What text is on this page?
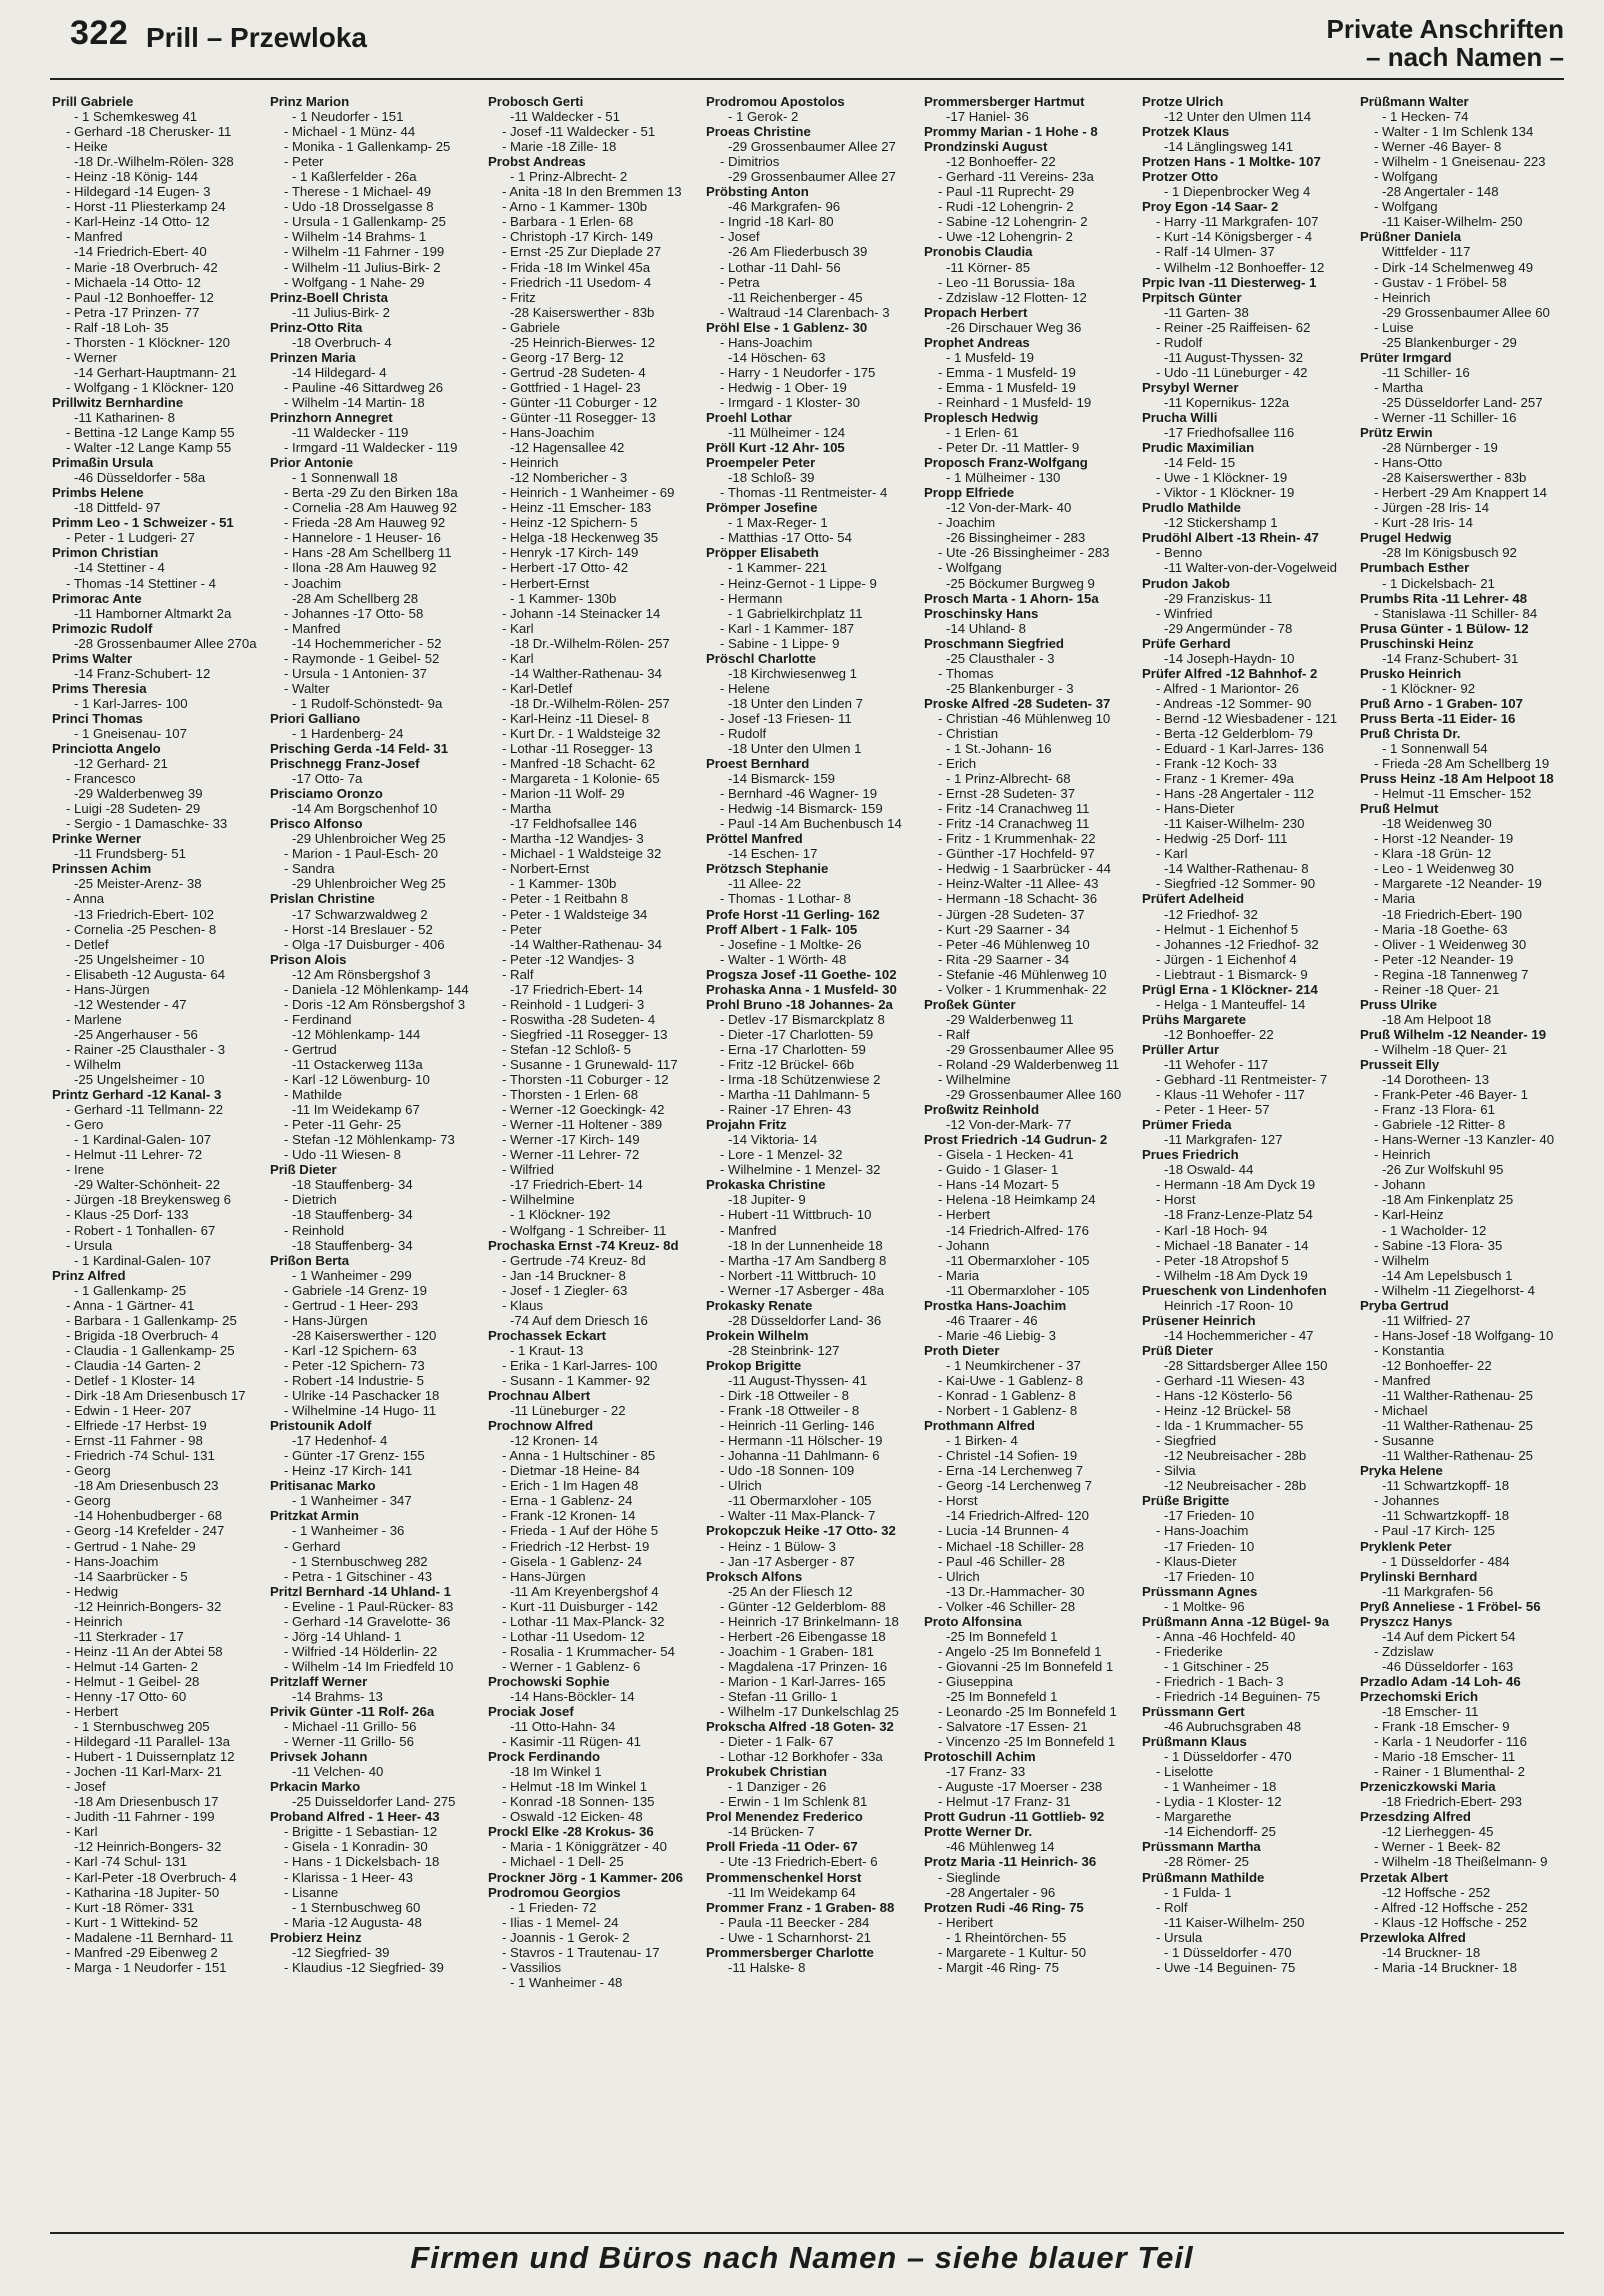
322 Prill – Przewloka	Private Anschriften
– nach Namen –
Prill Gabriele
- 1 Schemkesweg 41
- Gerhard -18 Cherusker- 11
- Heike
-18 Dr.-Wilhelm-Rölen- 328
- Heinz -18 König- 144
- Hildegard -14 Eugen- 3
- Horst -11 Pliesterkamp 24
- Karl-Heinz -14 Otto- 12
- Manfred
-14 Friedrich-Ebert- 40
- Marie -18 Overbruch- 42
- Michaela -14 Otto- 12
- Paul -12 Bonhoeffer- 12
- Petra -17 Prinzen- 77
- Ralf -18 Loh- 35
- Thorsten - 1 Klöckner- 120
- Werner
-14 Gerhart-Hauptmann- 21
- Wolfgang - 1 Klöckner- 120
Prillwitz Bernhardine
-11 Katharinen- 8
- Bettina -12 Lange Kamp 55
- Walter -12 Lange Kamp 55
Primaßin Ursula
-46 Düsseldorfer - 58a
Primbs Helene
-18 Dittfeld- 97
Primm Leo - 1 Schweizer - 51
- Peter - 1 Ludgeri- 27
Primon Christian
-14 Stettiner - 4
- Thomas -14 Stettiner - 4
Primorac Ante
-11 Hamborner Altmarkt 2a
Primozic Rudolf
-28 Grossenbaumer Allee 270a
Prims Walter
-14 Franz-Schubert- 12
Prims Theresia
- 1 Karl-Jarres- 100
Princi Thomas
- 1 Gneisenau- 107
Princiotta Angelo
-12 Gerhard- 21
- Francesco
-29 Walderbenweg 39
- Luigi -28 Sudeten- 29
- Sergio - 1 Damaschke- 33
Prinke Werner
-11 Frundsberg- 51
Prinssen Achim
-25 Meister-Arenz- 38
- Anna
-13 Friedrich-Ebert- 102
- Cornelia -25 Peschen- 8
- Detlef
-25 Ungelsheimer - 10
- Elisabeth -12 Augusta- 64
- Hans-Jürgen
-12 Westender - 47
- Marlene
-25 Angerhauser - 56
- Rainer -25 Clausthaler - 3
- Wilhelm
-25 Ungelsheimer - 10
Printz Gerhard -12 Kanal- 3
- Gerhard -11 Tellmann- 22
- Gero
- 1 Kardinal-Galen- 107
- Helmut -11 Lehrer- 72
- Irene
-29 Walter-Schönheit- 22
- Jürgen -18 Breykensweg 6
- Klaus -25 Dorf- 133
- Robert - 1 Tonhallen- 67
- Ursula
- 1 Kardinal-Galen- 107
Prinz Alfred
- 1 Gallenkamp- 25
- Anna - 1 Gärtner- 41
- Barbara - 1 Gallenkamp- 25
- Brigida -18 Overbruch- 4
- Claudia - 1 Gallenkamp- 25
- Claudia -14 Garten- 2
- Detlef - 1 Kloster- 14
- Dirk -18 Am Driesenbusch 17
- Edwin - 1 Heer- 207
- Elfriede -17 Herbst- 19
- Ernst -11 Fahrner - 98
- Friedrich -74 Schul- 131
- Georg
-18 Am Driesenbusch 23
- Georg
-14 Hohenbudberger - 68
- Georg -14 Krefelder - 247
- Gertrud - 1 Nahe- 29
- Hans-Joachim
-14 Saarbrücker - 5
- Hedwig
-12 Heinrich-Bongers- 32
- Heinrich
-11 Sterkrader - 17
- Heinz -11 An der Abtei 58
- Helmut -14 Garten- 2
- Helmut - 1 Geibel- 28
- Henny -17 Otto- 60
- Herbert
- 1 Sternbuschweg 205
- Hildegard -11 Parallel- 13a
- Hubert - 1 Duissernplatz 12
- Jochen -11 Karl-Marx- 21
- Josef
-18 Am Driesenbusch 17
- Judith -11 Fahrner - 199
- Karl
-12 Heinrich-Bongers- 32
- Karl -74 Schul- 131
- Karl-Peter -18 Overbruch- 4
- Katharina -18 Jupiter- 50
- Kurt -18 Römer- 331
- Kurt - 1 Wittekind- 52
- Madalene -11 Bernhard- 11
- Manfred -29 Eibenweg 2
- Marga - 1 Neudorfer - 151
Prinz Marion
- 1 Neudorfer - 151
- Michael - 1 Münz- 44
- Monika - 1 Gallenkamp- 25
- Peter
- 1 Kaßlerfelder - 26a
- Therese - 1 Michael- 49
- Udo -18 Drosselgasse 8
- Ursula - 1 Gallenkamp- 25
- Wilhelm -14 Brahms- 1
- Wilhelm -11 Fahrner - 199
- Wilhelm -11 Julius-Birk- 2
- Wolfgang - 1 Nahe- 29
Prinz-Boell Christa
-11 Julius-Birk- 2
Prinz-Otto Rita
-18 Overbruch- 4
Prinzen Maria
-14 Hildegard- 4
- Pauline -46 Sittardweg 26
- Wilhelm -14 Martin- 18
Prinzhorn Annegret
-11 Waldecker - 119
- Irmgard -11 Waldecker - 119
Prior Antonie
- 1 Sonnenwall 18
- Berta -29 Zu den Birken 18a
- Cornelia -28 Am Hauweg 92
- Frieda -28 Am Hauweg 92
- Hannelore - 1 Heuser- 16
- Hans -28 Am Schellberg 11
- Ilona -28 Am Hauweg 92
- Joachim
-28 Am Schellberg 28
- Johannes -17 Otto- 58
- Manfred
-14 Hochemmericher - 52
- Raymonde - 1 Geibel- 52
- Ursula - 1 Antonien- 37
- Walter
- 1 Rudolf-Schönstedt- 9a
Priori Galliano
- 1 Hardenberg- 24
Prisching Gerda -14 Feld- 31
Prischnegg Franz-Josef
-17 Otto- 7a
Prisciamo Oronzo
-14 Am Borgschenhof 10
Prisco Alfonso
-29 Uhlenbroicher Weg 25
- Marion - 1 Paul-Esch- 20
- Sandra
-29 Uhlenbroicher Weg 25
Prislan Christine
-17 Schwarzwaldweg 2
- Horst -14 Breslauer - 52
- Olga -17 Duisburger - 406
Prison Alois
-12 Am Rönsbergshof 3
- Daniela -12 Möhlenkamp- 144
- Doris -12 Am Rönsbergshof 3
- Ferdinand
-12 Möhlenkamp- 144
- Gertrud
-11 Ostackerweg 113a
- Karl -12 Löwenburg- 10
- Mathilde
-11 Im Weidekamp 67
- Peter -11 Gehr- 25
- Stefan -12 Möhlenkamp- 73
- Udo -11 Wiesen- 8
Priß Dieter
-18 Stauffenberg- 34
- Dietrich
-18 Stauffenberg- 34
- Reinhold
-18 Stauffenberg- 34
Prißon Berta
- 1 Wanheimer - 299
- Gabriele -14 Grenz- 19
- Gertrud - 1 Heer- 293
- Hans-Jürgen
-28 Kaiserswerther - 120
- Karl -12 Spichern- 63
- Peter -12 Spichern- 73
- Robert -14 Industrie- 5
- Ulrike -14 Paschacker 18
- Wilhelmine -14 Hugo- 11
Pristounik Adolf
-17 Hedenhof- 4
- Günter -17 Grenz- 155
- Heinz -17 Kirch- 141
Pritisanac Marko
- 1 Wanheimer - 347
Pritzkat Armin
- 1 Wanheimer - 36
- Gerhard
- 1 Sternbuschweg 282
- Petra - 1 Gitschiner - 43
Pritzl Bernhard -14 Uhland- 1
- Eveline - 1 Paul-Rücker- 83
- Gerhard -14 Gravelotte- 36
- Jörg -14 Uhland- 1
- Wilfried -14 Hölderlin- 22
- Wilhelm -14 Im Friedfeld 10
Pritzlaff Werner
-14 Brahms- 13
Privik Günter -11 Rolf- 26a
- Michael -11 Grillo- 56
- Werner -11 Grillo- 56
Privsek Johann
-11 Velchen- 40
Prkacin Marko
-25 Duisseldorfer Land- 275
Proband Alfred - 1 Heer- 43
- Brigitte - 1 Sebastian- 12
- Gisela - 1 Konradin- 30
- Hans - 1 Dickelsbach- 18
- Klarissa - 1 Heer- 43
- Lisanne
- 1 Sternbuschweg 60
- Maria -12 Augusta- 48
Probierz Heinz
-12 Siegfried- 39
- Klaudius -12 Siegfried- 39
Probosch Gerti
-11 Waldecker - 51
- Josef -11 Waldecker - 51
- Marie -18 Zille- 18
Probst Andreas
- 1 Prinz-Albrecht- 2
- Anita -18 In den Bremmen 13
- Arno - 1 Kammer- 130b
- Barbara - 1 Erlen- 68
- Christoph -17 Kirch- 149
- Ernst -25 Zur Dieplade 27
- Frida -18 Im Winkel 45a
- Friedrich -11 Usedom- 4
- Fritz
-28 Kaiserswerther - 83b
- Gabriele
-25 Heinrich-Bierwes- 12
- Georg -17 Berg- 12
- Gertrud -28 Sudeten- 4
- Gottfried - 1 Hagel- 23
- Günter -11 Coburger - 12
- Günter -11 Rosegger- 13
- Hans-Joachim
-12 Hagensallee 42
- Heinrich
-12 Nombericher - 3
- Heinrich - 1 Wanheimer - 69
- Heinz -11 Emscher- 183
- Heinz -12 Spichern- 5
- Helga -18 Heckenweg 35
- Henryk -17 Kirch- 149
- Herbert -17 Otto- 42
- Herbert-Ernst
- 1 Kammer- 130b
- Johann -14 Steinacker 14
- Karl
-18 Dr.-Wilhelm-Rölen- 257
- Karl
-14 Walther-Rathenau- 34
- Karl-Detlef
-18 Dr.-Wilhelm-Rölen- 257
- Karl-Heinz -11 Diesel- 8
- Kurt Dr. - 1 Waldsteige 32
- Lothar -11 Rosegger- 13
- Manfred -18 Schacht- 62
- Margareta - 1 Kolonie- 65
- Marion -11 Wolf- 29
- Martha
-17 Feldhofsallee 146
- Martha -12 Wandjes- 3
- Michael - 1 Waldsteige 32
- Norbert-Ernst
- 1 Kammer- 130b
- Peter - 1 Reitbahn 8
- Peter - 1 Waldsteige 34
- Peter
-14 Walther-Rathenau- 34
- Peter -12 Wandjes- 3
- Ralf
-17 Friedrich-Ebert- 14
- Reinhold - 1 Ludgeri- 3
- Roswitha -28 Sudeten- 4
- Siegfried -11 Rosegger- 13
- Stefan -12 Schloß- 5
- Susanne - 1 Grunewald- 117
- Thorsten -11 Coburger - 12
- Thorsten - 1 Erlen- 68
- Werner -12 Goeckingk- 42
- Werner -11 Holtener - 389
- Werner -17 Kirch- 149
- Werner -11 Lehrer- 72
- Wilfried
-17 Friedrich-Ebert- 14
- Wilhelmine
- 1 Klöckner- 192
- Wolfgang - 1 Schreiber- 11
Prochaska Ernst -74 Kreuz- 8d
- Gertrude -74 Kreuz- 8d
- Jan -14 Bruckner- 8
- Josef - 1 Ziegler- 63
- Klaus
-74 Auf dem Driesch 16
Prochassek Eckart
- 1 Kraut- 13
- Erika - 1 Karl-Jarres- 100
- Susann - 1 Kammer- 92
Prochnau Albert
-11 Lüneburger - 22
Prochnow Alfred
-12 Kronen- 14
- Anna - 1 Hultschiner - 85
- Dietmar -18 Heine- 84
- Erich - 1 Im Hagen 48
- Erna - 1 Gablenz- 24
- Frank -12 Kronen- 14
- Frieda - 1 Auf der Höhe 5
- Friedrich -12 Herbst- 19
- Gisela - 1 Gablenz- 24
- Hans-Jürgen
-11 Am Kreyenbergshof 4
- Kurt -11 Duisburger - 142
- Lothar -11 Max-Planck- 32
- Lothar -11 Usedom- 12
- Rosalia - 1 Krummacher- 54
- Werner - 1 Gablenz- 6
Prochowski Sophie
-14 Hans-Böckler- 14
Prociak Josef
-11 Otto-Hahn- 34
- Kasimir -11 Rügen- 41
Prock Ferdinando
-18 Im Winkel 1
- Helmut -18 Im Winkel 1
- Konrad -18 Sonnen- 135
- Oswald -12 Eicken- 48
Prockl Elke -28 Krokus- 36
- Maria - 1 Königgrätzer - 40
- Michael - 1 Dell- 25
Prockner Jörg - 1 Kammer- 206
Prodromou Georgios
- 1 Frieden- 72
- Ilias - 1 Memel- 24
- Joannis - 1 Gerok- 2
- Stavros - 1 Trautenau- 17
- Vassilios
- 1 Wanheimer - 48
Prodromou Apostolos
- 1 Gerok- 2
Proeas Christine
-29 Grossenbaumer Allee 27
- Dimitrios
-29 Grossenbaumer Allee 27
Pröbsting Anton
-46 Markgrafen- 96
- Ingrid -18 Karl- 80
- Josef
-26 Am Fliederbusch 39
- Lothar -11 Dahl- 56
- Petra
-11 Reichenberger - 45
- Waltraud -14 Clarenbach- 3
Pröhl Else - 1 Gablenz- 30
- Hans-Joachim
-14 Höschen- 63
- Harry - 1 Neudorfer - 175
- Hedwig - 1 Ober- 19
- Irmgard - 1 Kloster- 30
Proehl Lothar
-11 Mülheimer - 124
Pröll Kurt -12 Ahr- 105
Proempeler Peter
-18 Schloß- 39
- Thomas -11 Rentmeister- 4
Prömper Josefine
- 1 Max-Reger- 1
- Matthias -17 Otto- 54
Pröpper Elisabeth
- 1 Kammer- 221
- Heinz-Gernot - 1 Lippe- 9
- Hermann
- 1 Gabrielkirchplatz 11
- Karl - 1 Kammer- 187
- Sabine - 1 Lippe- 9
Pröschl Charlotte
-18 Kirchwiesenweg 1
- Helene
-18 Unter den Linden 7
- Josef -13 Friesen- 11
- Rudolf
-18 Unter den Ulmen 1
Proest Bernhard
-14 Bismarck- 159
- Bernhard -46 Wagner- 19
- Hedwig -14 Bismarck- 159
- Paul -14 Am Buchenbusch 14
Pröttel Manfred
-14 Eschen- 17
Prötzsch Stephanie
-11 Allee- 22
- Thomas - 1 Lothar- 8
Profe Horst -11 Gerling- 162
Proff Albert - 1 Falk- 105
- Josefine - 1 Moltke- 26
- Walter - 1 Wörth- 48
Progsza Josef -11 Goethe- 102
Prohaska Anna - 1 Musfeld- 30
Prohl Bruno -18 Johannes- 2a
- Detlev -17 Bismarckplatz 8
- Dieter -17 Charlotten- 59
- Erna -17 Charlotten- 59
- Fritz -12 Brückel- 66b
- Irma -18 Schützenwiese 2
- Martha -11 Dahlmann- 5
- Rainer -17 Ehren- 43
Projahn Fritz
-14 Viktoria- 14
- Lore - 1 Menzel- 32
- Wilhelmine - 1 Menzel- 32
Prokaska Christine
-18 Jupiter- 9
- Hubert -11 Wittbruch- 10
- Manfred
-18 In der Lunnenheide 18
- Martha -17 Am Sandberg 8
- Norbert -11 Wittbruch- 10
- Werner -17 Asberger - 48a
Prokasky Renate
-28 Düsseldorfer Land- 36
Prokein Wilhelm
-28 Steinbrink- 127
Prokop Brigitte
-11 August-Thyssen- 41
- Dirk -18 Ottweiler - 8
- Frank -18 Ottweiler - 8
- Heinrich -11 Gerling- 146
- Hermann -11 Hölscher- 19
- Johanna -11 Dahlmann- 6
- Udo -18 Sonnen- 109
- Ulrich
-11 Obermarxloher - 105
- Walter -11 Max-Planck- 7
Prokopczuk Heike -17 Otto- 32
- Heinz - 1 Bülow- 3
- Jan -17 Asberger - 87
Proksch Alfons
-25 An der Fliesch 12
- Günter -12 Gelderblom- 88
- Heinrich -17 Brinkelmann- 18
- Herbert -26 Eibengasse 18
- Joachim - 1 Graben- 181
- Magdalena -17 Prinzen- 16
- Marion - 1 Karl-Jarres- 165
- Stefan -11 Grillo- 1
- Wilhelm -17 Dunkelschlag 25
Prokscha Alfred -18 Goten- 32
- Dieter - 1 Falk- 67
- Lothar -12 Borkhofer - 33a
Prokubek Christian
- 1 Danziger - 26
- Erwin - 1 Im Schlenk 81
Prol Menendez Frederico
-14 Brücken- 7
Proll Frieda -11 Oder- 67
- Ute -13 Friedrich-Ebert- 6
Prommenschenkel Horst
-11 Im Weidekamp 64
Prommer Franz - 1 Graben- 88
- Paula -11 Beecker - 284
- Uwe - 1 Scharnhorst- 21
Prommersberger Charlotte
-11 Halske- 8
Prommersberger Hartmut
-17 Haniel- 36
Prommy Marian - 1 Hohe - 8
Prondzinski August
-12 Bonhoeffer- 22
- Gerhard -11 Vereins- 23a
- Paul -11 Ruprecht- 29
- Rudi -12 Lohengrin- 2
- Sabine -12 Lohengrin- 2
- Uwe -12 Lohengrin- 2
Pronobis Claudia
-11 Körner- 85
- Leo -11 Borussia- 18a
- Zdzislaw -12 Flotten- 12
Propach Herbert
-26 Dirschauer Weg 36
Prophet Andreas
- 1 Musfeld- 19
- Emma - 1 Musfeld- 19
- Emma - 1 Musfeld- 19
- Reinhard - 1 Musfeld- 19
Proplesch Hedwig
- 1 Erlen- 61
- Peter Dr. -11 Mattler- 9
Proposch Franz-Wolfgang
- 1 Mülheimer - 130
Propp Elfriede
-12 Von-der-Mark- 40
- Joachim
-26 Bissingheimer - 283
- Ute -26 Bissingheimer - 283
- Wolfgang
-25 Böckumer Burgweg 9
Prosch Marta - 1 Ahorn- 15a
Proschinsky Hans
-14 Uhland- 8
Proschmann Siegfried
-25 Clausthaler - 3
- Thomas
-25 Blankenburger - 3
Proske Alfred -28 Sudeten- 37
- Christian -46 Mühlenweg 10
- Christian
- 1 St.-Johann- 16
- Erich
- 1 Prinz-Albrecht- 68
- Ernst -28 Sudeten- 37
- Fritz -14 Cranachweg 11
- Fritz -14 Cranachweg 11
- Fritz - 1 Krummenhak- 22
- Günther -17 Hochfeld- 97
- Hedwig - 1 Saarbrücker - 44
- Heinz-Walter -11 Allee- 43
- Hermann -18 Schacht- 36
- Jürgen -28 Sudeten- 37
- Kurt -29 Saarner - 34
- Peter -46 Mühlenweg 10
- Rita -29 Saarner - 34
- Stefanie -46 Mühlenweg 10
- Volker - 1 Krummenhak- 22
Proßek Günter
-29 Walderbenweg 11
- Ralf
-29 Grossenbaumer Allee 95
- Roland -29 Walderbenweg 11
- Wilhelmine
-29 Grossenbaumer Allee 160
Proßwitz Reinhold
-12 Von-der-Mark- 77
Prost Friedrich -14 Gudrun- 2
- Gisela - 1 Hecken- 41
- Guido - 1 Glaser- 1
- Hans -14 Mozart- 5
- Helena -18 Heimkamp 24
- Herbert
-14 Friedrich-Alfred- 176
- Johann
-11 Obermarxloher - 105
- Maria
-11 Obermarxloher - 105
Prostka Hans-Joachim
-46 Traarer - 46
- Marie -46 Liebig- 3
Proth Dieter
- 1 Neumkirchener - 37
- Kai-Uwe - 1 Gablenz- 8
- Konrad - 1 Gablenz- 8
- Norbert - 1 Gablenz- 8
Prothmann Alfred
- 1 Birken- 4
- Christel -14 Sofien- 19
- Erna -14 Lerchenweg 7
- Georg -14 Lerchenweg 7
- Horst
-14 Friedrich-Alfred- 120
- Lucia -14 Brunnen- 4
- Michael -18 Schiller- 28
- Paul -46 Schiller- 28
- Ulrich
-13 Dr.-Hammacher- 30
- Volker -46 Schiller- 28
Proto Alfonsina
-25 Im Bonnefeld 1
- Angelo -25 Im Bonnefeld 1
- Giovanni -25 Im Bonnefeld 1
- Giuseppina
-25 Im Bonnefeld 1
- Leonardo -25 Im Bonnefeld 1
- Salvatore -17 Essen- 21
- Vincenzo -25 Im Bonnefeld 1
Protoschill Achim
-17 Franz- 33
- Auguste -17 Moerser - 238
- Helmut -17 Franz- 31
Prott Gudrun -11 Gottlieb- 92
Protte Werner Dr.
-46 Mühlenweg 14
Protz Maria -11 Heinrich- 36
- Sieglinde
-28 Angertaler - 96
Protzen Rudi -46 Ring- 75
- Heribert
- 1 Rheintörchen- 55
- Margarete - 1 Kultur- 50
- Margit -46 Ring- 75
Protze Ulrich
-12 Unter den Ulmen 114
Protzek Klaus
-14 Länglingsweg 141
Protzen Hans - 1 Moltke- 107
Protzer Otto
- 1 Diepenbrocker Weg 4
Proy Egon -14 Saar- 2
- Harry -11 Markgrafen- 107
- Kurt -14 Königsberger - 4
- Ralf -14 Ulmen- 37
- Wilhelm -12 Bonhoeffer- 12
Prpic Ivan -11 Diesterweg- 1
Prpitsch Günter
-11 Garten- 38
- Reiner -25 Raiffeisen- 62
- Rudolf
-11 August-Thyssen- 32
- Udo -11 Lüneburger - 42
Prsybyl Werner
-11 Kopernikus- 122a
Prucha Willi
-17 Friedhofsallee 116
Prudic Maximilian
-14 Feld- 15
- Uwe - 1 Klöckner- 19
- Viktor - 1 Klöckner- 19
Prudlo Mathilde
-12 Stickershamp 1
Prudöhl Albert -13 Rhein- 47
- Benno
-11 Walter-von-der-Vogelweid
Prudon Jakob
-29 Franziskus- 11
- Winfried
-29 Angermünder - 78
Prüfe Gerhard
-14 Joseph-Haydn- 10
Prüfer Alfred -12 Bahnhof- 2
- Alfred - 1 Mariontor- 26
- Andreas -12 Sommer- 90
- Bernd -12 Wiesbadener - 121
- Berta -12 Gelderblom- 79
- Eduard - 1 Karl-Jarres- 136
- Frank -12 Koch- 33
- Franz - 1 Kremer- 49a
- Hans -28 Angertaler - 112
- Hans-Dieter
-11 Kaiser-Wilhelm- 230
- Hedwig -25 Dorf- 111
- Karl
-14 Walther-Rathenau- 8
- Siegfried -12 Sommer- 90
Prüfert Adelheid
-12 Friedhof- 32
- Helmut - 1 Eichenhof 5
- Johannes -12 Friedhof- 32
- Jürgen - 1 Eichenhof 4
- Liebtraut - 1 Bismarck- 9
Prügl Erna - 1 Klöckner- 214
- Helga - 1 Manteuffel- 14
Prühs Margarete
-12 Bonhoeffer- 22
Prüller Artur
-11 Wehofer - 117
- Gebhard -11 Rentmeister- 7
- Klaus -11 Wehofer - 117
- Peter - 1 Heer- 57
Prümer Frieda
-11 Markgrafen- 127
Prues Friedrich
-18 Oswald- 44
- Hermann -18 Am Dyck 19
- Horst
-18 Franz-Lenze-Platz 54
- Karl -18 Hoch- 94
- Michael -18 Banater - 14
- Peter -18 Atropshof 5
- Wilhelm -18 Am Dyck 19
Prueschenk von Lindenhofen
Heinrich -17 Roon- 10
Prüsener Heinrich
-14 Hochemmericher - 47
Prüß Dieter
-28 Sittardsberger Allee 150
- Gerhard -11 Wiesen- 43
- Hans -12 Kösterlo- 56
- Heinz -12 Brückel- 58
- Ida - 1 Krummacher- 55
- Siegfried
-12 Neubreisacher - 28b
- Silvia
-12 Neubreisacher - 28b
Prüße Brigitte
-17 Frieden- 10
- Hans-Joachim
-17 Frieden- 10
- Klaus-Dieter
-17 Frieden- 10
Prüssmann Agnes
- 1 Moltke- 96
Prüßmann Anna -12 Bügel- 9a
- Anna -46 Hochfeld- 40
- Friederike
- 1 Gitschiner - 25
- Friedrich - 1 Bach- 3
- Friedrich -14 Beguinen- 75
Prüssmann Gert
-46 Aubruchsgraben 48
Prüßmann Klaus
- 1 Düsseldorfer - 470
- Liselotte
- 1 Wanheimer - 18
- Lydia - 1 Kloster- 12
- Margarethe
-14 Eichendorff- 25
Prüssmann Martha
-28 Römer- 25
Prüßmann Mathilde
- 1 Fulda- 1
- Rolf
-11 Kaiser-Wilhelm- 250
- Ursula
- 1 Düsseldorfer - 470
- Uwe -14 Beguinen- 75
Prüßmann Walter
- 1 Hecken- 74
- Walter - 1 Im Schlenk 134
- Werner -46 Bayer- 8
- Wilhelm - 1 Gneisenau- 223
- Wolfgang
-28 Angertaler - 148
- Wolfgang
-11 Kaiser-Wilhelm- 250
Prüßner Daniela
Wittfelder - 117
- Dirk -14 Schelmenweg 49
- Gustav - 1 Fröbel- 58
- Heinrich
-29 Grossenbaumer Allee 60
- Luise
-25 Blankenburger - 29
Prüter Irmgard
-11 Schiller- 16
- Martha
-25 Düsseldorfer Land- 257
- Werner -11 Schiller- 16
Prütz Erwin
-28 Nürnberger - 19
- Hans-Otto
-28 Kaiserswerther - 83b
- Herbert -29 Am Knappert 14
- Jürgen -28 Iris- 14
- Kurt -28 Iris- 14
Prugel Hedwig
-28 Im Königsbusch 92
Prumbach Esther
- 1 Dickelsbach- 21
Prumbs Rita -11 Lehrer- 48
- Stanislawa -11 Schiller- 84
Prusa Günter - 1 Bülow- 12
Pruschinski Heinz
-14 Franz-Schubert- 31
Prusko Heinrich
- 1 Klöckner- 92
Pruß Arno - 1 Graben- 107
Pruss Berta -11 Eider- 16
Pruß Christa Dr.
- 1 Sonnenwall 54
- Frieda -28 Am Schellberg 19
Pruss Heinz -18 Am Helpoot 18
- Helmut -11 Emscher- 152
Pruß Helmut
-18 Weidenweg 30
- Horst -12 Neander- 19
- Klara -18 Grün- 12
- Leo - 1 Weidenweg 30
- Margarete -12 Neander- 19
- Maria
-18 Friedrich-Ebert- 190
- Maria -18 Goethe- 63
- Oliver - 1 Weidenweg 30
- Peter -12 Neander- 19
- Regina -18 Tannenweg 7
- Reiner -18 Quer- 21
Pruss Ulrike
-18 Am Helpoot 18
Pruß Wilhelm -12 Neander- 19
- Wilhelm -18 Quer- 21
Prusseit Elly
-14 Dorotheen- 13
- Frank-Peter -46 Bayer- 1
- Franz -13 Flora- 61
- Gabriele -12 Ritter- 8
- Hans-Werner -13 Kanzler- 40
- Heinrich
-26 Zur Wolfskuhl 95
- Johann
-18 Am Finkenplatz 25
- Karl-Heinz
- 1 Wacholder- 12
- Sabine -13 Flora- 35
- Wilhelm
-14 Am Lepelsbusch 1
- Wilhelm -11 Ziegelhorst- 4
Pryba Gertrud
-11 Wilfried- 27
- Hans-Josef -18 Wolfgang- 10
- Konstantia
-12 Bonhoeffer- 22
- Manfred
-11 Walther-Rathenau- 25
- Michael
-11 Walther-Rathenau- 25
- Susanne
-11 Walther-Rathenau- 25
Pryka Helene
-11 Schwartzkopff- 18
- Johannes
-11 Schwartzkopff- 18
- Paul -17 Kirch- 125
Pryklenk Peter
- 1 Düsseldorfer - 484
Prylinski Bernhard
-11 Markgrafen- 56
Pryß Anneliese - 1 Fröbel- 56
Pryszcz Hanys
-14 Auf dem Pickert 54
- Zdzislaw
-46 Düsseldorfer - 163
Przadlo Adam -14 Loh- 46
Przechomski Erich
-18 Emscher- 11
- Frank -18 Emscher- 9
- Karla - 1 Neudorfer - 116
- Mario -18 Emscher- 11
- Rainer - 1 Blumenthal- 2
Przeniczkowski Maria
-18 Friedrich-Ebert- 293
Przesdzing Alfred
-12 Lierheggen- 45
- Werner - 1 Beek- 82
- Wilhelm -18 Theißelmann- 9
Przetak Albert
-12 Hoffsche - 252
- Alfred -12 Hoffsche - 252
- Klaus -12 Hoffsche - 252
Przewloka Alfred
-14 Bruckner- 18
- Maria -14 Bruckner- 18
Firmen und Büros nach Namen – siehe blauer Teil
